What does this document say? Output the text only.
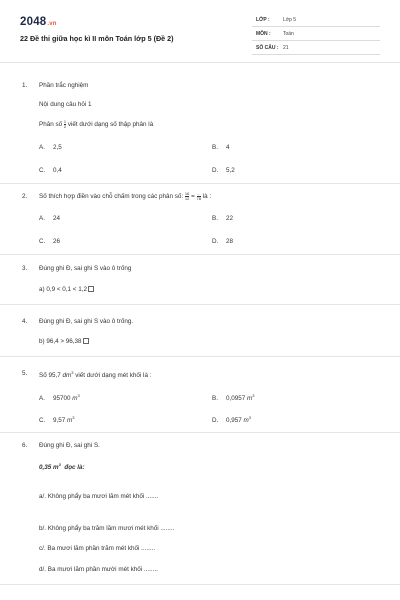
2048.vn
22 Đề thi giữa học kì II môn Toán lớp 5 (Đề 2)
LỚP :	Lớp 5
MÔN : Toán
SỐ CÂU : 21
1. Phần trắc nghiệm
Nội dung câu hỏi 1
Phân số $\frac{1}{2}$ viết dưới dạng số thập phân là
A. 2,5	B. 4
C. 0,4	D. 5,2
2. Số thích hợp điền vào chỗ chấm trong các phân số: $\frac{16}{12} = \frac{...}{78}$ là :
A. 24	B. 22
C. 26	D. 28
3. Đúng ghi Đ, sai ghi S vào ô trống
a) 0,9 < 0,1 < 1,2
4. Đúng ghi Đ, sai ghi S vào ô trống.
b) 96,4 > 96,38
5. Số 95,7 $dm^3$ viết dưới dạng mét khối là :
A. 95700 $m^3$	B. 0,0957 $m^3$
C. 9,57 $m^3$	D. 0,957 $m^3$
6. Đúng ghi Đ, sai ghi S.
0,35 $m^3$ đọc là:
a/. Không phẩy ba mươi lăm mét khối .......
b/. Không phẩy ba trăm lăm mươi mét khối ........
c/. Ba mươi lăm phần trăm mét khối ........
d/. Ba mươi lăm phần mười mét khối ........
